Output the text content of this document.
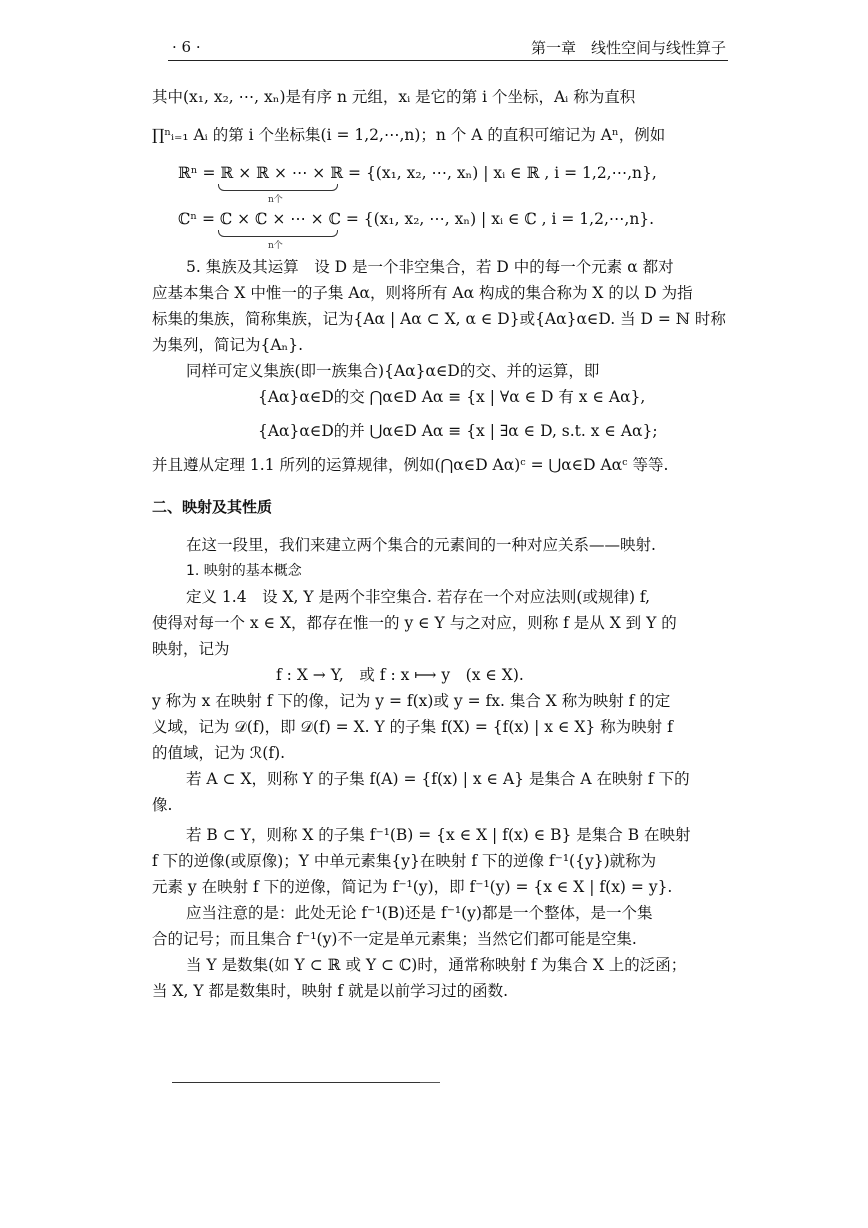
· 6 ·	第一章　线性空间与线性算子
其中(x₁, x₂, ⋯, xₙ)是有序 n 元组，xᵢ 是它的第 i 个坐标，Aᵢ 称为直积
∏ⁿᵢ₌₁ Aᵢ 的第 i 个坐标集(i = 1,2,⋯,n)；n 个 A 的直积可缩记为 Aⁿ，例如
ℝⁿ = ℝ × ℝ × ⋯ × ℝ = {(x₁, x₂, ⋯, xₙ) | xᵢ ∈ ℝ , i = 1,2,⋯,n},
n个
ℂⁿ = ℂ × ℂ × ⋯ × ℂ = {(x₁, x₂, ⋯, xₙ) | xᵢ ∈ ℂ , i = 1,2,⋯,n}.
n个
5. 集族及其运算　设 D 是一个非空集合，若 D 中的每一个元素 α 都对
应基本集合 X 中惟一的子集 Aα，则将所有 Aα 构成的集合称为 X 的以 D 为指
标集的集族，简称集族，记为{Aα | Aα ⊂ X, α ∈ D}或{Aα}α∈D. 当 D = ℕ 时称
为集列，简记为{Aₙ}.
同样可定义集族(即一族集合){Aα}α∈D的交、并的运算，即
{Aα}α∈D的交 ⋂α∈D Aα ≡ {x | ∀α ∈ D 有 x ∈ Aα},
{Aα}α∈D的并 ⋃α∈D Aα ≡ {x | ∃α ∈ D, s.t. x ∈ Aα};
并且遵从定理 1.1 所列的运算规律，例如(⋂α∈D Aα)ᶜ = ⋃α∈D Aαᶜ 等等.
二、映射及其性质
在这一段里，我们来建立两个集合的元素间的一种对应关系——映射.
1. 映射的基本概念
定义 1.4　设 X, Y 是两个非空集合. 若存在一个对应法则(或规律) f,
使得对每一个 x ∈ X，都存在惟一的 y ∈ Y 与之对应，则称 f 是从 X 到 Y 的
映射，记为
f : X → Y,　或 f : x ⟼ y　(x ∈ X).
y 称为 x 在映射 f 下的像，记为 y = f(x)或 y = fx. 集合 X 称为映射 f 的定
义域，记为 𝒟(f)，即 𝒟(f) = X. Y 的子集 f(X) = {f(x) | x ∈ X} 称为映射 f
的值域，记为 ℛ(f).
若 A ⊂ X，则称 Y 的子集 f(A) = {f(x) | x ∈ A} 是集合 A 在映射 f 下的
像.
若 B ⊂ Y，则称 X 的子集 f⁻¹(B) = {x ∈ X | f(x) ∈ B} 是集合 B 在映射
f 下的逆像(或原像)；Y 中单元素集{y}在映射 f 下的逆像 f⁻¹({y})就称为
元素 y 在映射 f 下的逆像，简记为 f⁻¹(y)，即 f⁻¹(y) = {x ∈ X | f(x) = y}.
应当注意的是：此处无论 f⁻¹(B)还是 f⁻¹(y)都是一个整体，是一个集
合的记号；而且集合 f⁻¹(y)不一定是单元素集；当然它们都可能是空集.
当 Y 是数集(如 Y ⊂ ℝ 或 Y ⊂ ℂ)时，通常称映射 f 为集合 X 上的泛函；
当 X, Y 都是数集时，映射 f 就是以前学习过的函数.
